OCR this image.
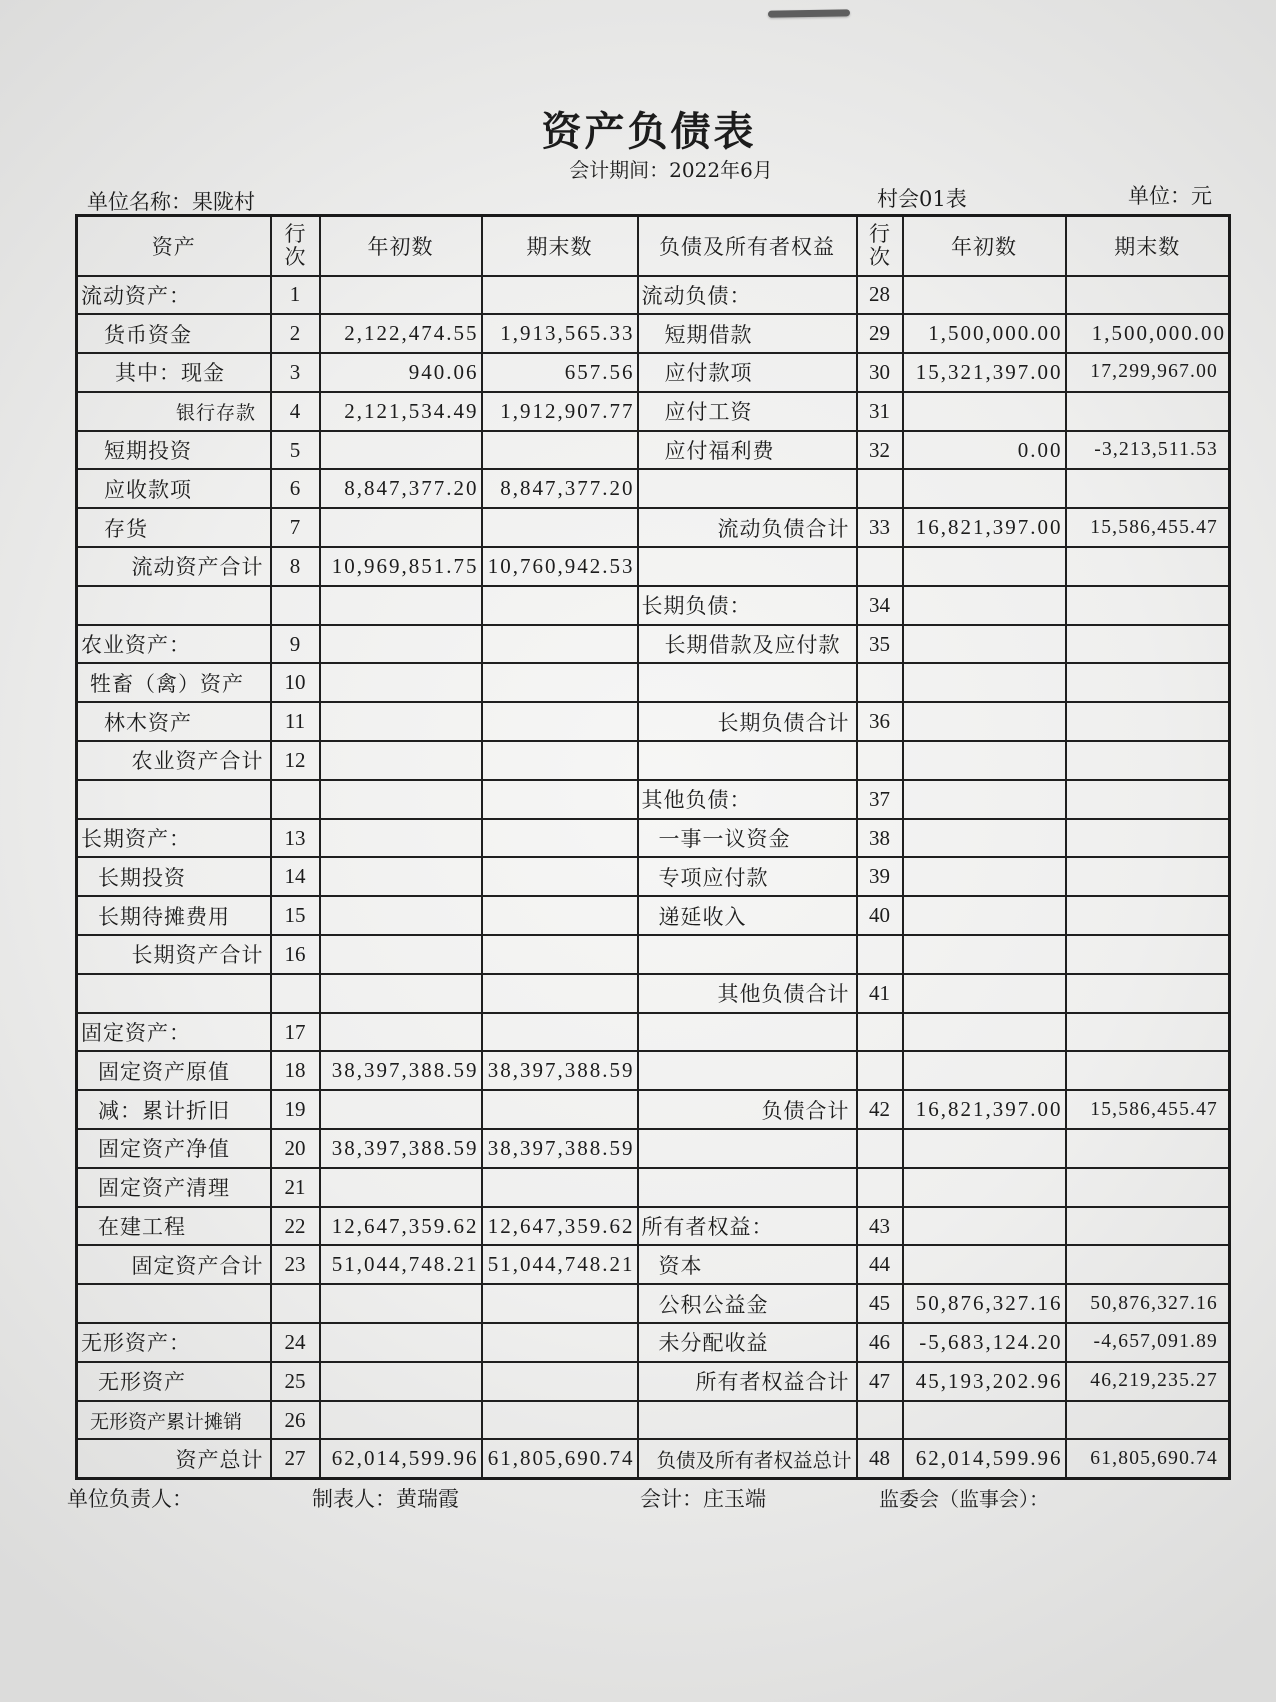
资产负债表
会计期间：2022年6月
单位名称：果陇村	村会01表	单位：元
资产	行次	年初数	期末数	负债及所有者权益	行次	年初数	期末数
流动资产：	1			流动负债：	28		
货币资金	2	2,122,474.55	1,913,565.33	短期借款	29	1,500,000.00	1,500,000.00
其中：现金	3	940.06	657.56	应付款项	30	15,321,397.00	17,299,967.00
银行存款	4	2,121,534.49	1,912,907.77	应付工资	31		
短期投资	5			应付福利费	32	0.00	-3,213,511.53
应收款项	6	8,847,377.20	8,847,377.20				
存货	7			流动负债合计	33	16,821,397.00	15,586,455.47
流动资产合计	8	10,969,851.75	10,760,942.53				
				长期负债：	34		
农业资产：	9			长期借款及应付款	35		
牲畜（禽）资产	10						
林木资产	11			长期负债合计	36		
农业资产合计	12						
				其他负债：	37		
长期资产：	13			一事一议资金	38		
长期投资	14			专项应付款	39		
长期待摊费用	15			递延收入	40		
长期资产合计	16						
				其他负债合计	41		
固定资产：	17						
固定资产原值	18	38,397,388.59	38,397,388.59				
减：累计折旧	19			负债合计	42	16,821,397.00	15,586,455.47
固定资产净值	20	38,397,388.59	38,397,388.59				
固定资产清理	21						
在建工程	22	12,647,359.62	12,647,359.62	所有者权益：	43		
固定资产合计	23	51,044,748.21	51,044,748.21	资本	44		
				公积公益金	45	50,876,327.16	50,876,327.16
无形资产：	24			未分配收益	46	-5,683,124.20	-4,657,091.89
无形资产	25			所有者权益合计	47	45,193,202.96	46,219,235.27
无形资产累计摊销	26						
资产总计	27	62,014,599.96	61,805,690.74	负债及所有者权益总计	48	62,014,599.96	61,805,690.74
单位负责人：	制表人：黄瑞霞	会计：庄玉端	监委会（监事会）：
